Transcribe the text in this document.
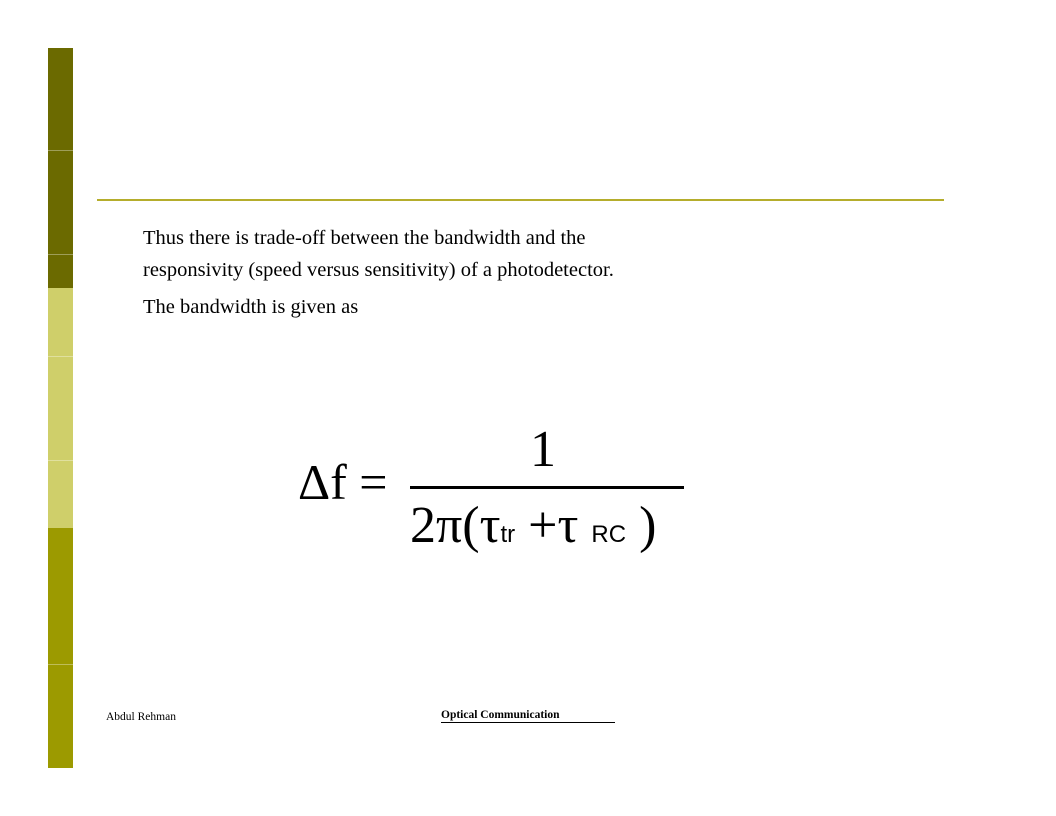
Thus there is trade-off between the bandwidth and the
responsivity (speed versus sensitivity) of a photodetector.
The bandwidth is given as
Δf =
1
2π(τtr +τ RC )
Abdul Rehman	Optical Communication
